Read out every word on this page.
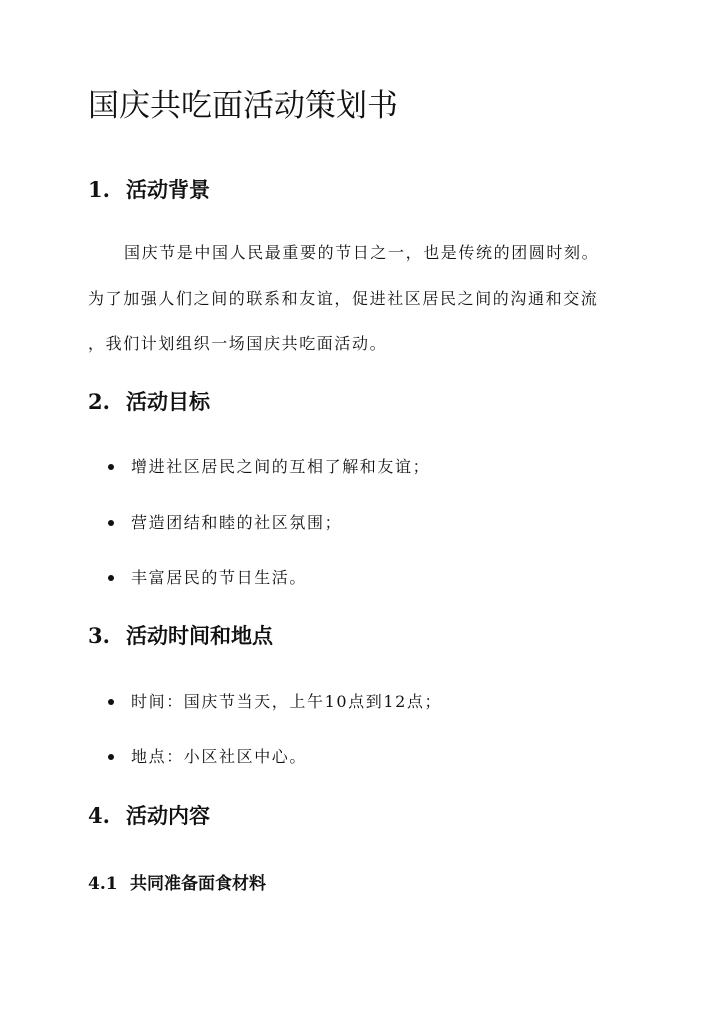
国庆共吃面活动策划书
1. 活动背景

国庆节是中国人民最重要的节日之一，也是传统的团圆时刻。

为了加强人们之间的联系和友谊，促进社区居民之间的沟通和交流

，我们计划组织一场国庆共吃面活动。

2. 活动目标
增进社区居民之间的互相了解和友谊；
营造团结和睦的社区氛围；
丰富居民的节日生活。
3. 活动时间和地点
时间：国庆节当天，上午10点到12点；
地点：小区社区中心。
4. 活动内容
4.1 共同准备面食材料
